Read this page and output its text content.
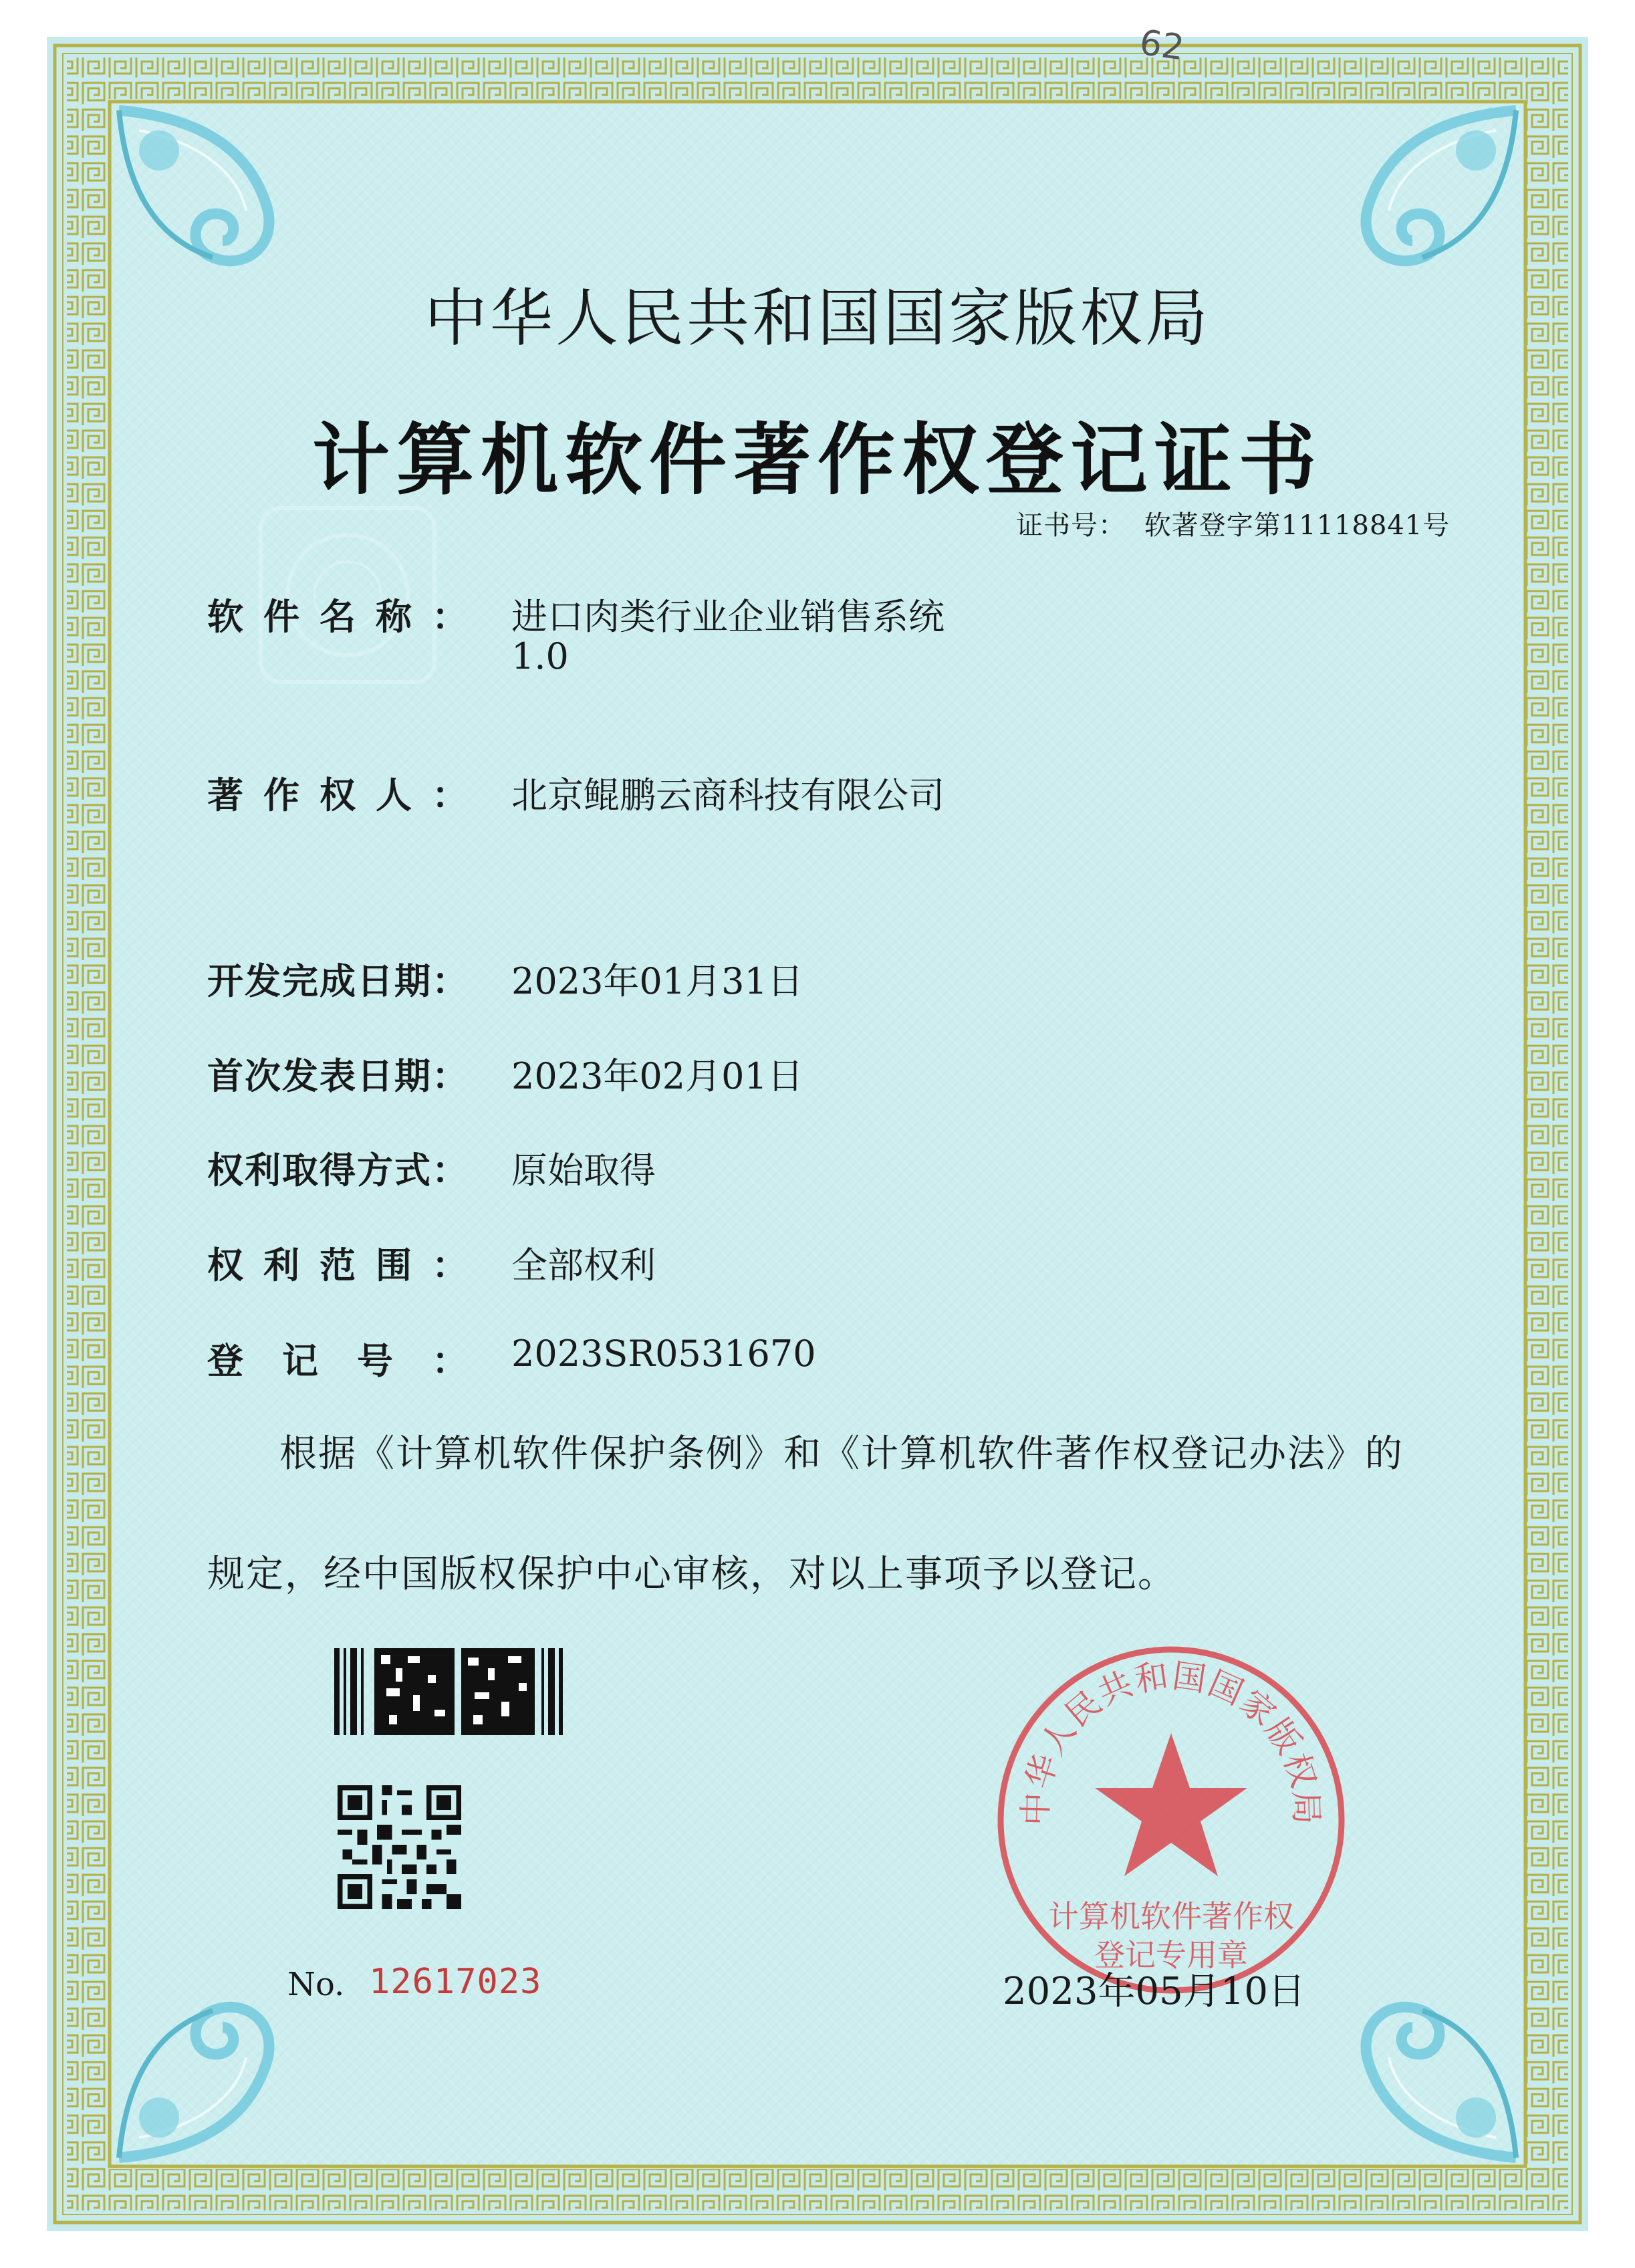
62
中华人民共和国国家版权局
计算机软件著作权登记证书
证书号： 软著登字第11118841号
软件名称： 进口肉类行业企业销售系统
1.0
著作权人： 北京鲲鹏云商科技有限公司
开发完成日期： 2023年01月31日
首次发表日期： 2023年02月01日
权利取得方式： 原始取得
权利范围： 全部权利
登记号： 2023SR0531670
根据《计算机软件保护条例》和《计算机软件著作权登记办法》的
规定，经中国版权保护中心审核，对以上事项予以登记。
No. 12617023
中华人民共和国国家版权局
计算机软件著作权
登记专用章
2023年05月10日
